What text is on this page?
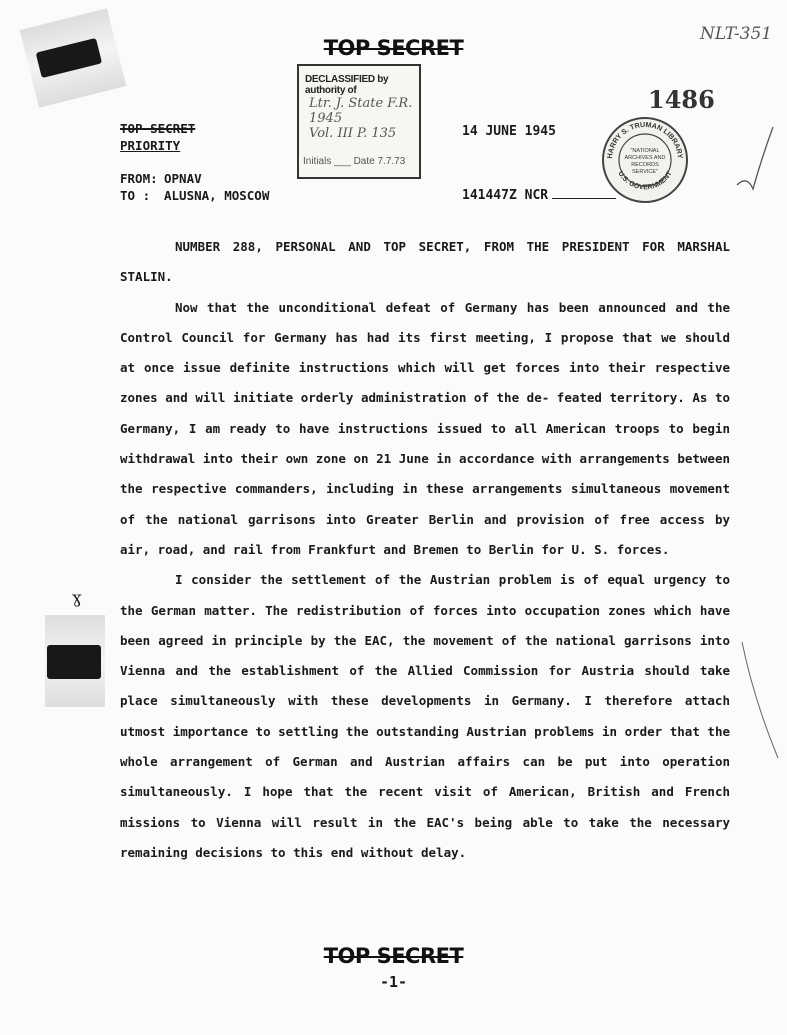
ɣ
TOP SECRET
NLT-351
1486
DECLASSIFIED by authority of
Ltr. J. State F.R. 1945
Vol. III P. 135
Initials ___ Date 7.7.73
HARRY S. TRUMAN LIBRARY
U.S. GOVERNMENT
"NATIONAL
ARCHIVES AND
RECORDS
SERVICE"
TOP SECRET
PRIORITY
14 JUNE 1945
FROM: OPNAV
TO :	ALUSNA, MOSCOW	141447Z NCR

NUMBER 288, PERSONAL AND TOP SECRET, FROM THE PRESIDENT FOR MARSHAL STALIN.

Now that the unconditional defeat of Germany has been announced and the Control Council for Germany has had its first meeting, I propose that we should at once issue definite instructions which will get forces into their respective zones and will initiate orderly administration of the de- feated territory. As to Germany, I am ready to have instructions issued to all American troops to begin withdrawal into their own zone on 21 June in accordance with arrangements between the respective commanders, including in these arrangements simultaneous movement of the national garrisons into Greater Berlin and provision of free access by air, road, and rail from Frankfurt and Bremen to Berlin for U. S. forces.

I consider the settlement of the Austrian problem is of equal urgency to the German matter. The redistribution of forces into occupation zones which have been agreed in principle by the EAC, the movement of the national garrisons into Vienna and the establishment of the Allied Commission for Austria should take place simultaneously with these developments in Germany. I therefore attach utmost importance to settling the outstanding Austrian problems in order that the whole arrangement of German and Austrian affairs can be put into operation simultaneously. I hope that the recent visit of American, British and French missions to Vienna will result in the EAC's being able to take the necessary remaining decisions to this end without delay.

TOP SECRET
-1-
